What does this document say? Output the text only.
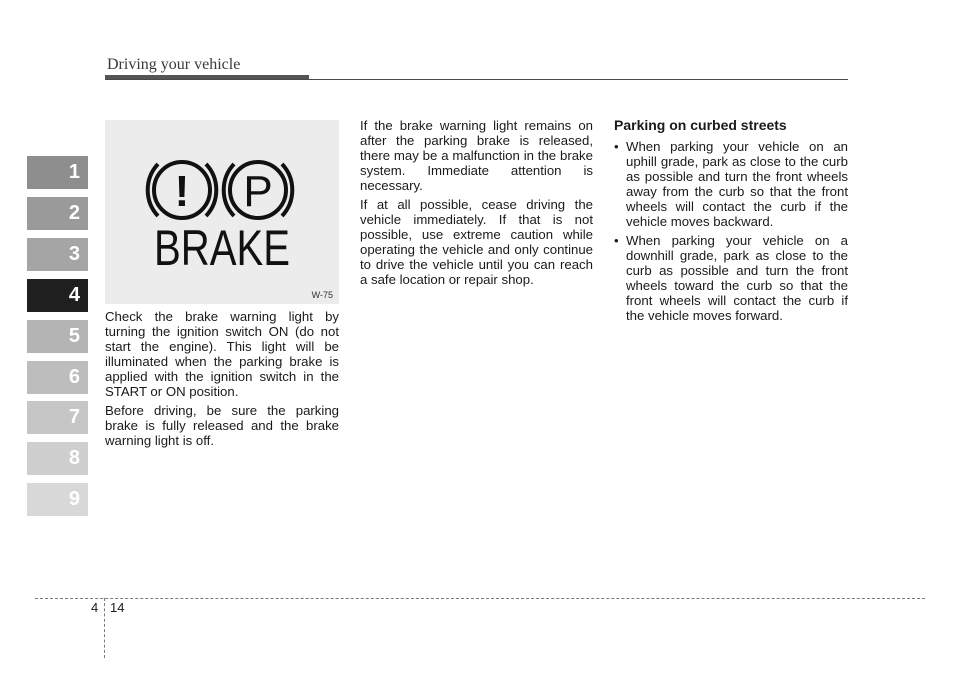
Driving your vehicle
1
2
3
4
5
6
7
8
9
! P
BRAKE
W-75

Check the brake warning light by turning the ignition switch ON (do not start the engine). This light will be illuminated when the parking brake is applied with the ignition switch in the START or ON position.

Before driving, be sure the parking brake is fully released and the brake warning light is off.

If the brake warning light remains on after the parking brake is released, there may be a malfunction in the brake system. Immediate attention is necessary.

If at all possible, cease driving the vehicle immediately. If that is not possible, use extreme caution while operating the vehicle and only continue to drive the vehicle until you can reach a safe location or repair shop.

Parking on curbed streets
• When parking your vehicle on an uphill grade, park as close to the curb as possible and turn the front wheels away from the curb so that the front wheels will contact the curb if the vehicle moves backward.
• When parking your vehicle on a downhill grade, park as close to the curb as possible and turn the front wheels toward the curb so that the front wheels will contact the curb if the vehicle moves forward.
4 14
